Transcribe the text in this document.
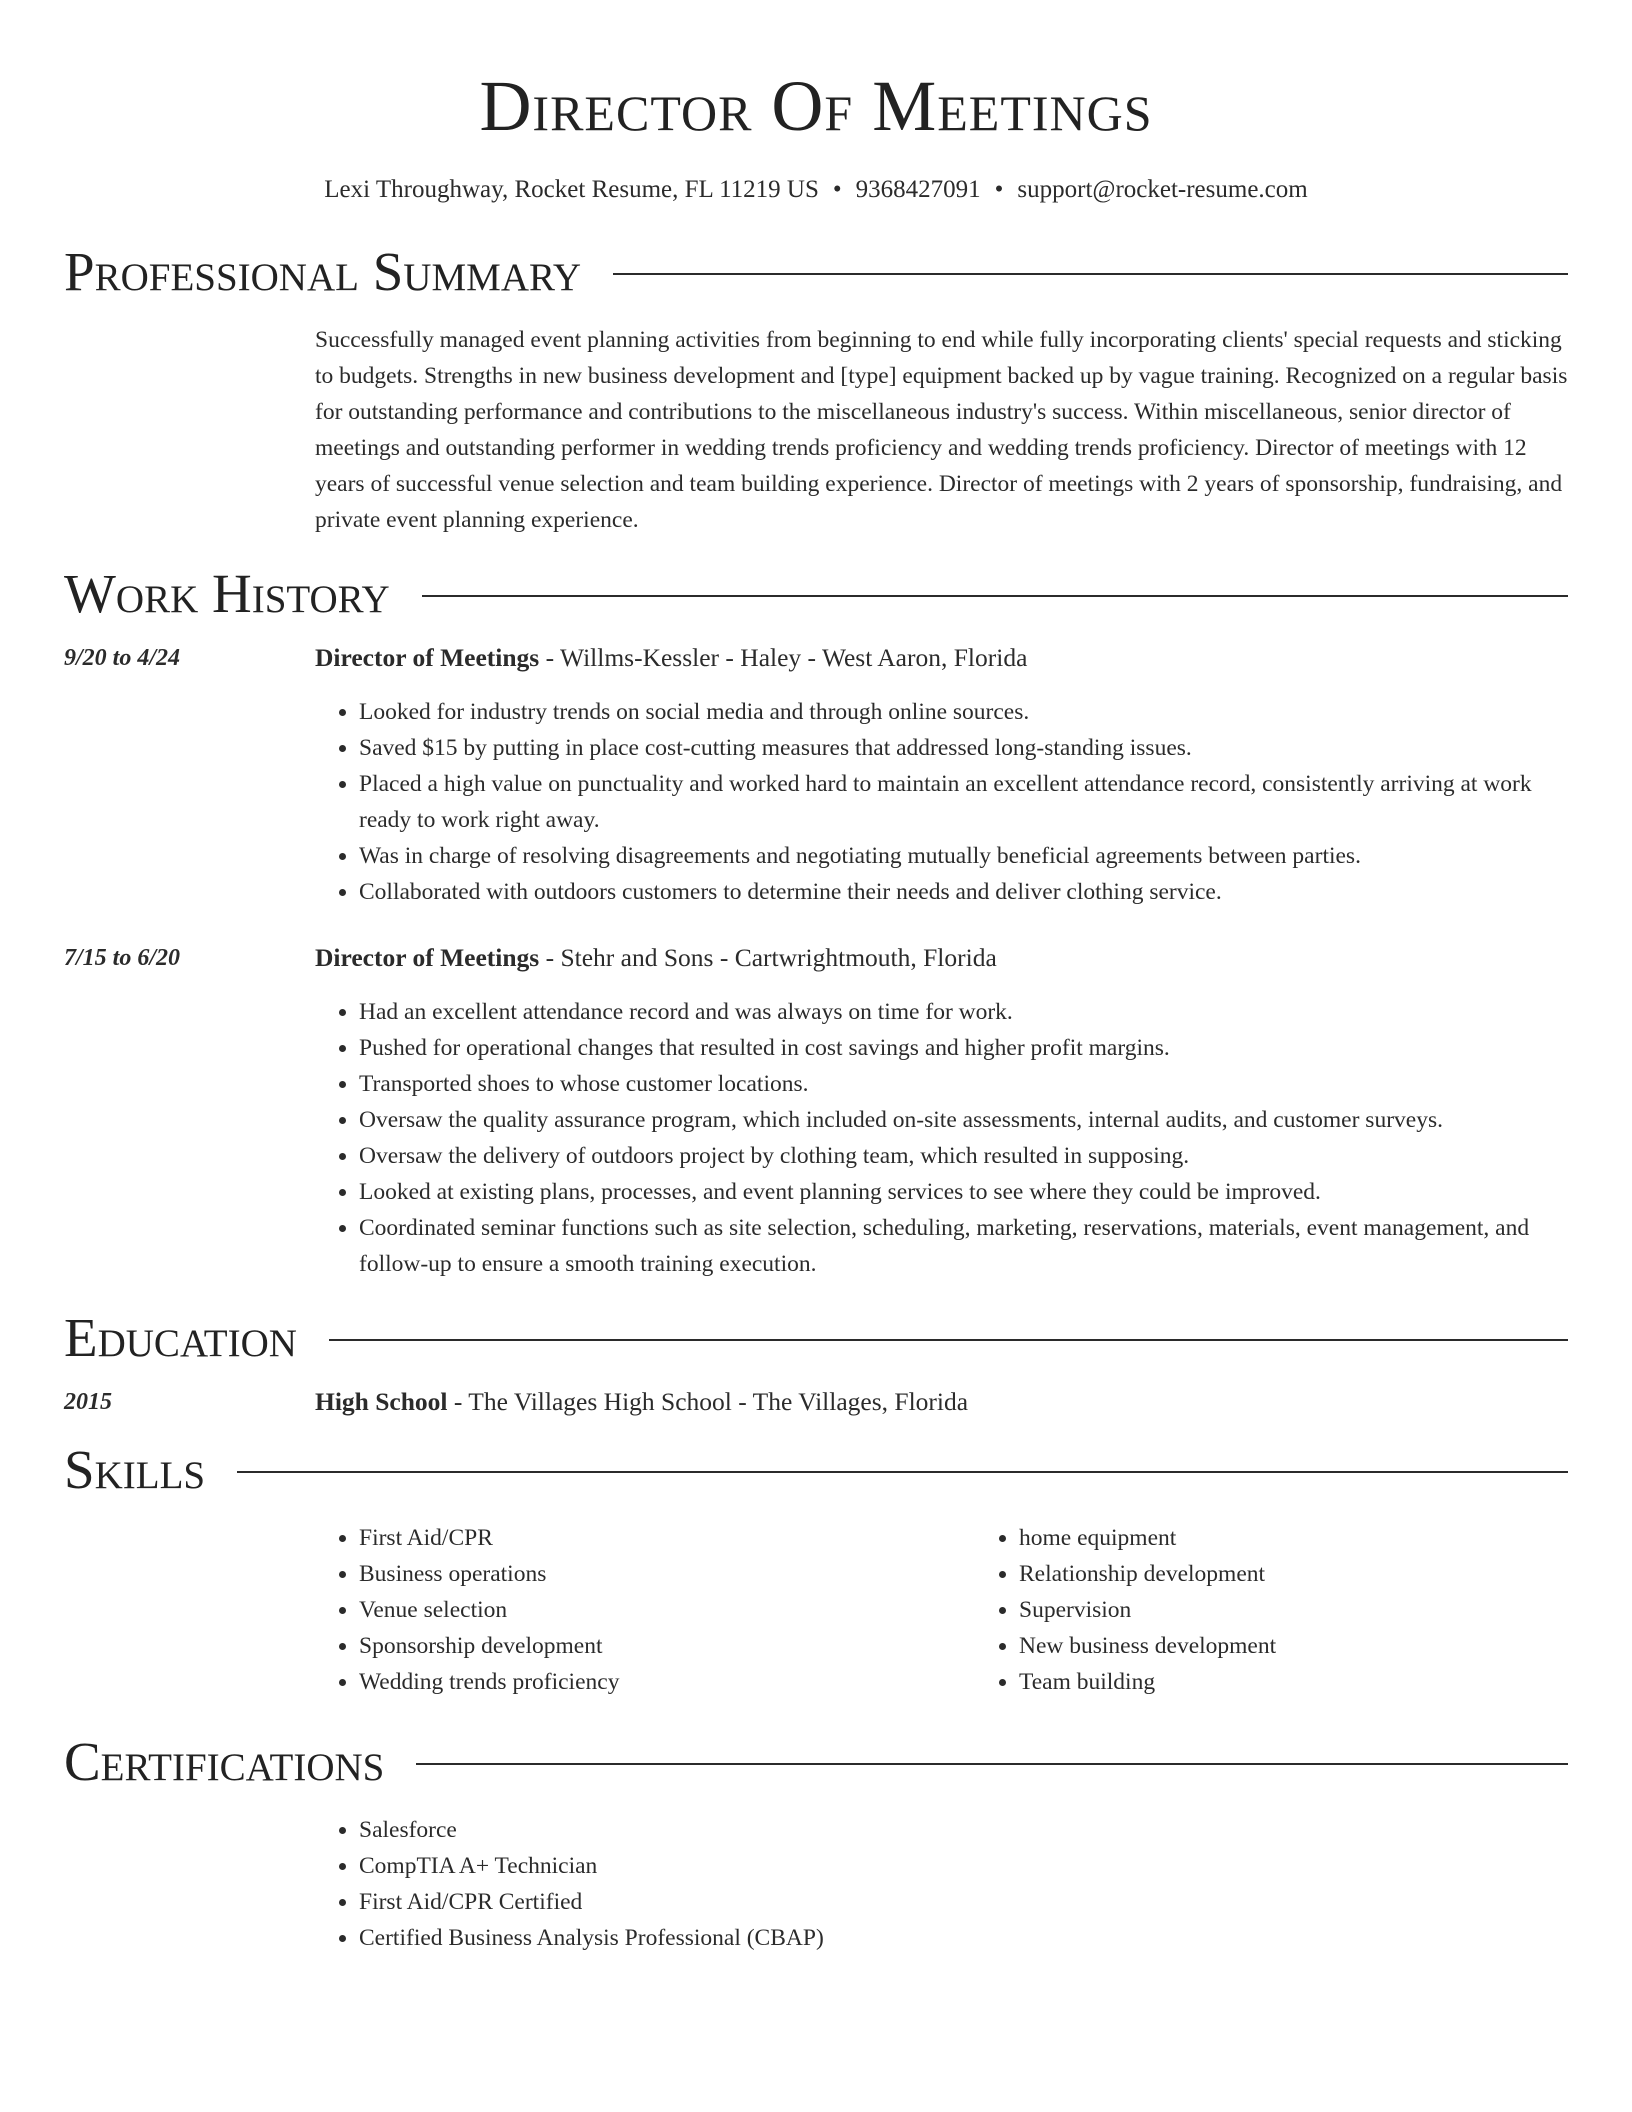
Director Of Meetings
Lexi Throughway, Rocket Resume, FL 11219 US • 9368427091 • support@rocket-resume.com
Professional Summary

Successfully managed event planning activities from beginning to end while fully incorporating clients' special requests and sticking to budgets. Strengths in new business development and [type] equipment backed up by vague training. Recognized on a regular basis for outstanding performance and contributions to the miscellaneous industry's success. Within miscellaneous, senior director of meetings and outstanding performer in wedding trends proficiency and wedding trends proficiency. Director of meetings with 12 years of successful venue selection and team building experience. Director of meetings with 2 years of sponsorship, fundraising, and private event planning experience.

Work History
9/20 to 4/24	Director of Meetings - Willms-Kessler - Haley - West Aaron, Florida
• Looked for industry trends on social media and through online sources.
• Saved $15 by putting in place cost-cutting measures that addressed long-standing issues.
• Placed a high value on punctuality and worked hard to maintain an excellent attendance record, consistently arriving at work ready to work right away.
• Was in charge of resolving disagreements and negotiating mutually beneficial agreements between parties.
• Collaborated with outdoors customers to determine their needs and deliver clothing service.
7/15 to 6/20	Director of Meetings - Stehr and Sons - Cartwrightmouth, Florida
• Had an excellent attendance record and was always on time for work.
• Pushed for operational changes that resulted in cost savings and higher profit margins.
• Transported shoes to whose customer locations.
• Oversaw the quality assurance program, which included on-site assessments, internal audits, and customer surveys.
• Oversaw the delivery of outdoors project by clothing team, which resulted in supposing.
• Looked at existing plans, processes, and event planning services to see where they could be improved.
• Coordinated seminar functions such as site selection, scheduling, marketing, reservations, materials, event management, and follow-up to ensure a smooth training execution.
Education
2015	High School - The Villages High School - The Villages, Florida
Skills
• First Aid/CPR
• Business operations
• Venue selection
• Sponsorship development
• Wedding trends proficiency
• home equipment
• Relationship development
• Supervision
• New business development
• Team building
Certifications
• Salesforce
• CompTIA A+ Technician
• First Aid/CPR Certified
• Certified Business Analysis Professional (CBAP)
